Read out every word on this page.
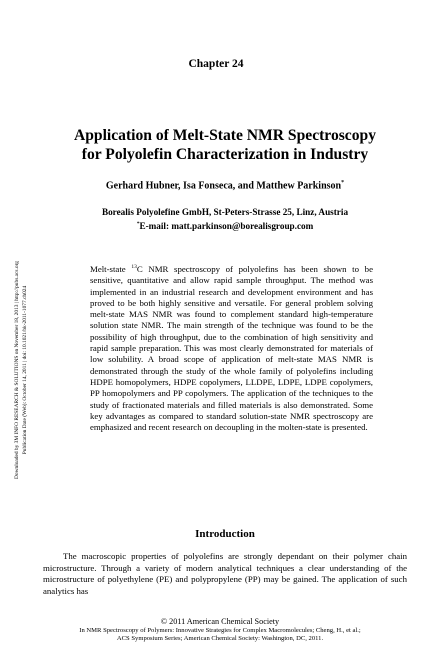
Downloaded by 3M INFO RESEARCH & SOLUTIONS on November 18, 2013 | http://pubs.acs.org Publication Date (Web): October 14, 2011 | doi: 10.1021/bk-2011-1077.ch024
Chapter 24
Application of Melt-State NMR Spectroscopy
for Polyolefin Characterization in Industry
Gerhard Hubner, Isa Fonseca, and Matthew Parkinson*
Borealis Polyolefine GmbH, St-Peters-Strasse 25, Linz, Austria
*E-mail: matt.parkinson@borealisgroup.com
Melt-state $^{13}$C NMR spectroscopy of polyolefins has been shown to be sensitive, quantitative and allow rapid sample throughput. The method was implemented in an industrial research and development environment and has proved to be both highly sensitive and versatile. For general problem solving melt-state MAS NMR was found to complement standard high-temperature solution state NMR. The main strength of the technique was found to be the possibility of high throughput, due to the combination of high sensitivity and rapid sample preparation. This was most clearly demonstrated for materials of low solubility. A broad scope of application of melt-state MAS NMR is demonstrated through the study of the whole family of polyolefins including HDPE homopolymers, HDPE copolymers, LLDPE, LDPE, LDPE copolymers, PP homopolymers and PP copolymers. The application of the techniques to the study of fractionated materials and filled materials is also demonstrated. Some key advantages as compared to standard solution-state NMR spectroscopy are emphasized and recent research on decoupling in the molten-state is presented.
Introduction
The macroscopic properties of polyolefins are strongly dependant on their polymer chain microstructure. Through a variety of modern analytical techniques a clear understanding of the microstructure of polyethylene (PE) and polypropylene (PP) may be gained. The application of such analytics has
© 2011 American Chemical Society
In NMR Spectroscopy of Polymers: Innovative Strategies for Complex Macromolecules; Cheng, H., et al.;
ACS Symposium Series; American Chemical Society: Washington, DC, 2011.
